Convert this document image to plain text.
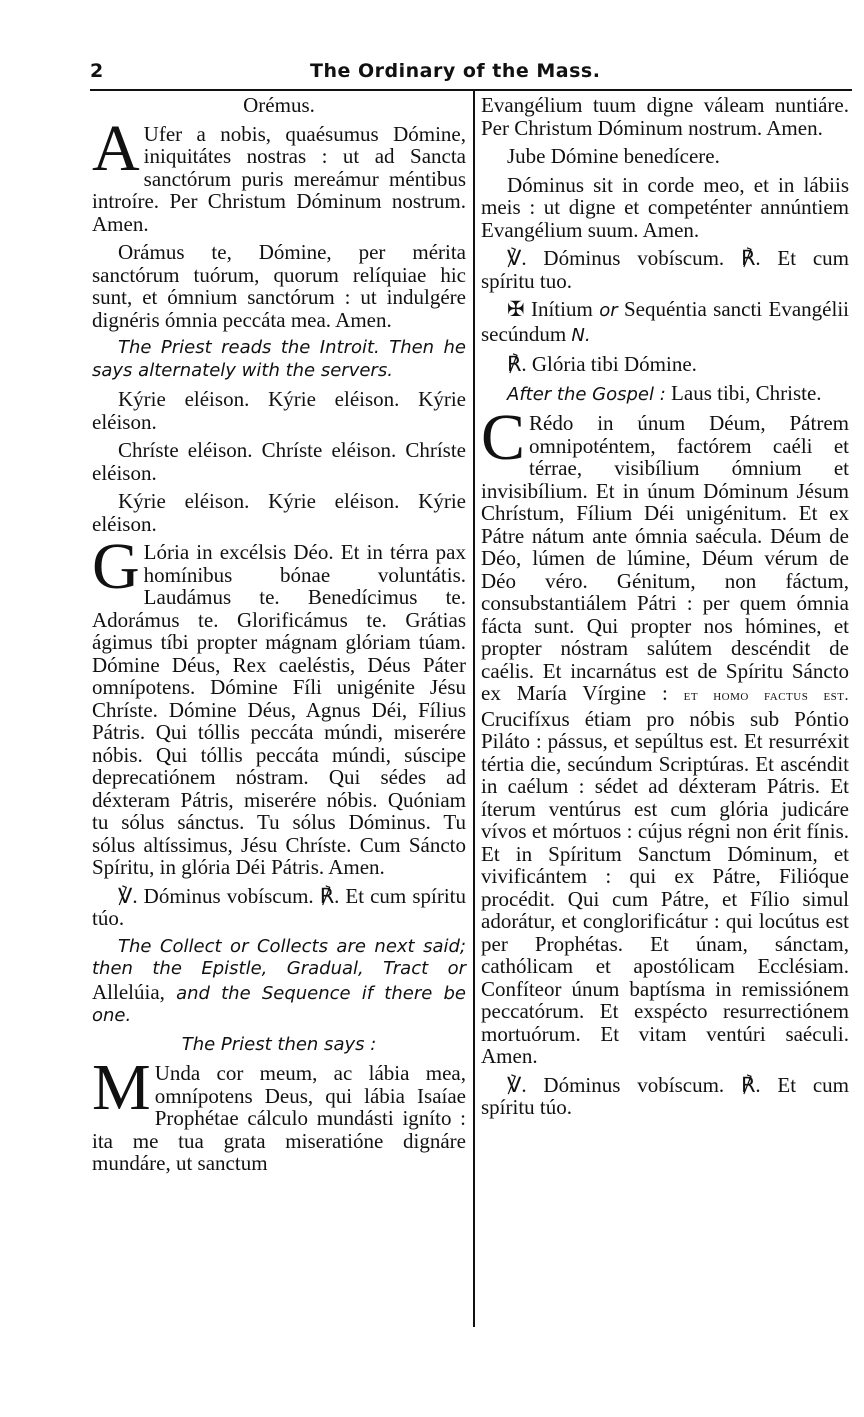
2	The Ordinary of the Mass.

Orémus.

A Ufer a nobis, quaésumus Dómine, iniquitátes nostras : ut ad Sancta sanctórum puris mereámur méntibus introíre. Per Christum Dóminum nostrum. Amen.

Orámus te, Dómine, per mérita sanctórum tuórum, quorum relíquiae hic sunt, et ómnium sanctórum : ut indulgére dignéris ómnia peccáta mea. Amen.

The Priest reads the Introit. Then he says alternately with the servers.

Kýrie eléison. Kýrie eléison. Kýrie eléison.

Chríste eléison. Chríste eléison. Chríste eléison.

Kýrie eléison. Kýrie eléison. Kýrie eléison.

G Lória in excélsis Déo. Et in térra pax homínibus bónae voluntátis. Laudámus te. Benedícimus te. Adorámus te. Glorificámus te. Grátias ágimus tíbi propter mágnam glóriam túam. Dómine Déus, Rex caeléstis, Déus Páter omnípotens. Dómine Fíli unigénite Jésu Chríste. Dómine Déus, Agnus Déi, Fílius Pátris. Qui tóllis peccáta múndi, miserére nóbis. Qui tóllis peccáta múndi, súscipe deprecatiónem nóstram. Qui sédes ad déxteram Pátris, miserére nóbis. Quóniam tu sólus sánctus. Tu sólus Dóminus. Tu sólus altíssimus, Jésu Chríste. Cum Sáncto Spíritu, in glória Déi Pátris. Amen.

℣. Dóminus vobíscum. ℟. Et cum spíritu túo.

The Collect or Collects are next said; then the Epistle, Gradual, Tract or Allelúia, and the Sequence if there be one.

The Priest then says :

M Unda cor meum, ac lábia mea, omnípotens Deus, qui lábia Isaíae Prophétae cálculo mundásti igníto : ita me tua grata miseratióne dignáre mundáre, ut sanctum

Evangélium tuum digne váleam nuntiáre. Per Christum Dóminum nostrum. Amen.

Jube Dómine benedícere.

Dóminus sit in corde meo, et in lábiis meis : ut digne et competénter annúntiem Evangélium suum. Amen.

℣. Dóminus vobíscum. ℟. Et cum spíritu tuo.

✠ Inítium or Sequéntia sancti Evangélii secúndum N.

℟. Glória tibi Dómine.

After the Gospel : Laus tibi, Christe.

C Rédo in únum Déum, Pátrem omnipoténtem, factórem caéli et térrae, visibílium ómnium et invisibílium. Et in únum Dóminum Jésum Chrístum, Fílium Déi unigénitum. Et ex Pátre nátum ante ómnia saécula. Déum de Déo, lúmen de lúmine, Déum vérum de Déo véro. Génitum, non fáctum, consubstantiálem Pátri : per quem ómnia fácta sunt. Qui propter nos hómines, et propter nóstram salútem descéndit de caélis. Et incarnátus est de Spíritu Sáncto ex María Vírgine : et homo factus est. Crucifíxus étiam pro nóbis sub Póntio Piláto : pássus, et sepúltus est. Et resurréxit tértia die, secúndum Scriptúras. Et ascéndit in caélum : sédet ad déxteram Pátris. Et íterum ventúrus est cum glória judicáre vívos et mórtuos : cújus régni non érit fínis. Et in Spíritum Sanctum Dóminum, et vivificántem : qui ex Pátre, Filióque procédit. Qui cum Pátre, et Fílio simul adorátur, et conglorificátur : qui locútus est per Prophétas. Et únam, sánctam, cathólicam et apostólicam Ecclésiam. Confíteor únum baptísma in remissiónem peccatórum. Et exspécto resurrectiónem mortuórum. Et vitam ventúri saéculi. Amen.

℣. Dóminus vobíscum. ℟. Et cum spíritu túo.
